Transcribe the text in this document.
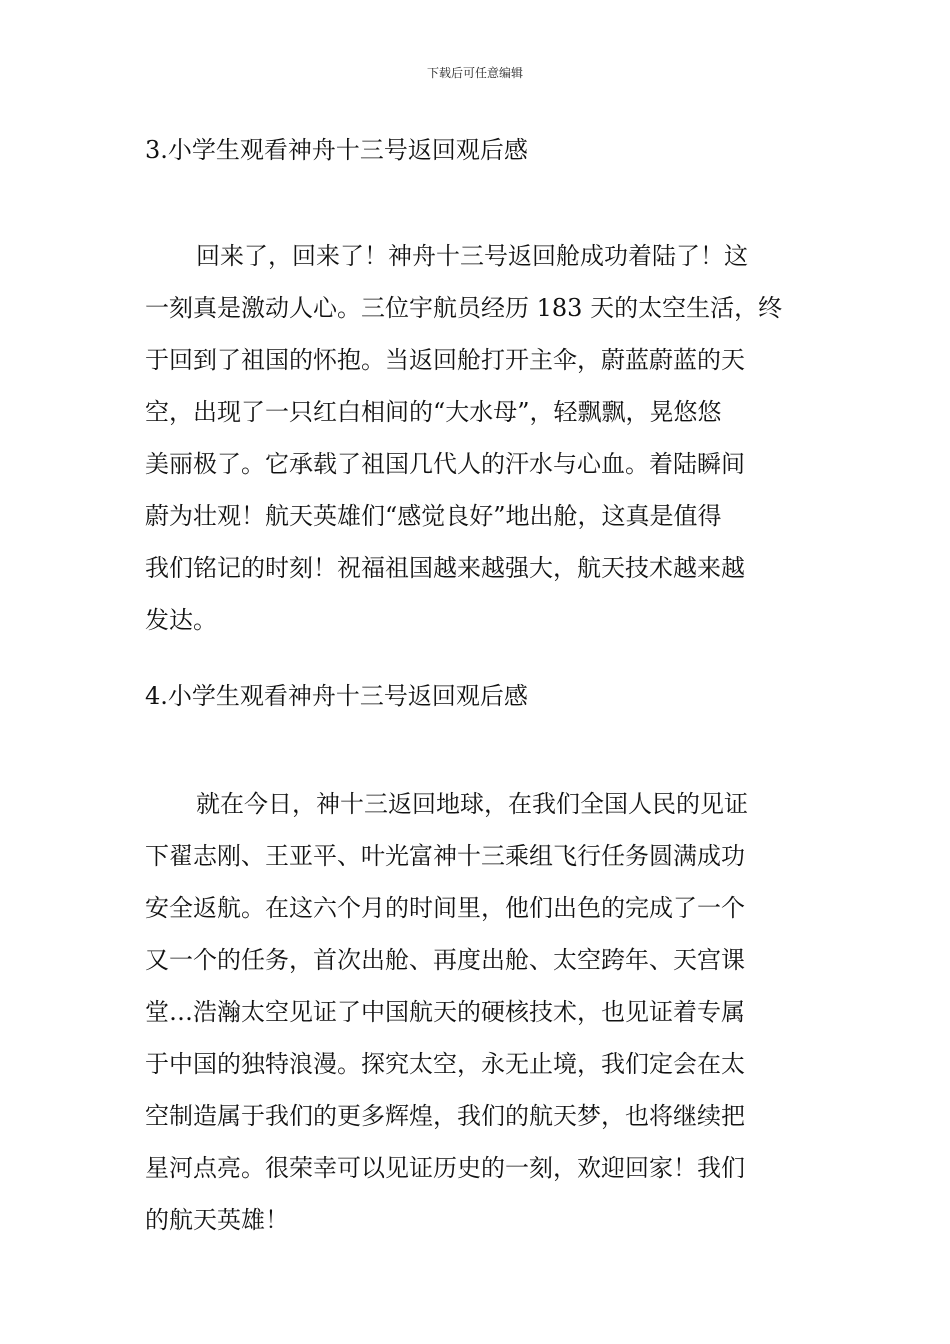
下载后可任意编辑
3.小学生观看神舟十三号返回观后感
回来了，回来了！神舟十三号返回舱成功着陆了！这
一刻真是激动人心。三位宇航员经历 183 天的太空生活，终
于回到了祖国的怀抱。当返回舱打开主伞，蔚蓝蔚蓝的天
空，出现了一只红白相间的“大水母”，轻飘飘，晃悠悠
美丽极了。它承载了祖国几代人的汗水与心血。着陆瞬间
蔚为壮观！航天英雄们“感觉良好”地出舱，这真是值得
我们铭记的时刻！祝福祖国越来越强大，航天技术越来越
发达。
4.小学生观看神舟十三号返回观后感
就在今日，神十三返回地球，在我们全国人民的见证
下翟志刚、王亚平、叶光富神十三乘组飞行任务圆满成功
安全返航。在这六个月的时间里，他们出色的完成了一个
又一个的任务，首次出舱、再度出舱、太空跨年、天宫课
堂…浩瀚太空见证了中国航天的硬核技术，也见证着专属
于中国的独特浪漫。探究太空，永无止境，我们定会在太
空制造属于我们的更多辉煌，我们的航天梦，也将继续把
星河点亮。很荣幸可以见证历史的一刻，欢迎回家！我们
的航天英雄！
